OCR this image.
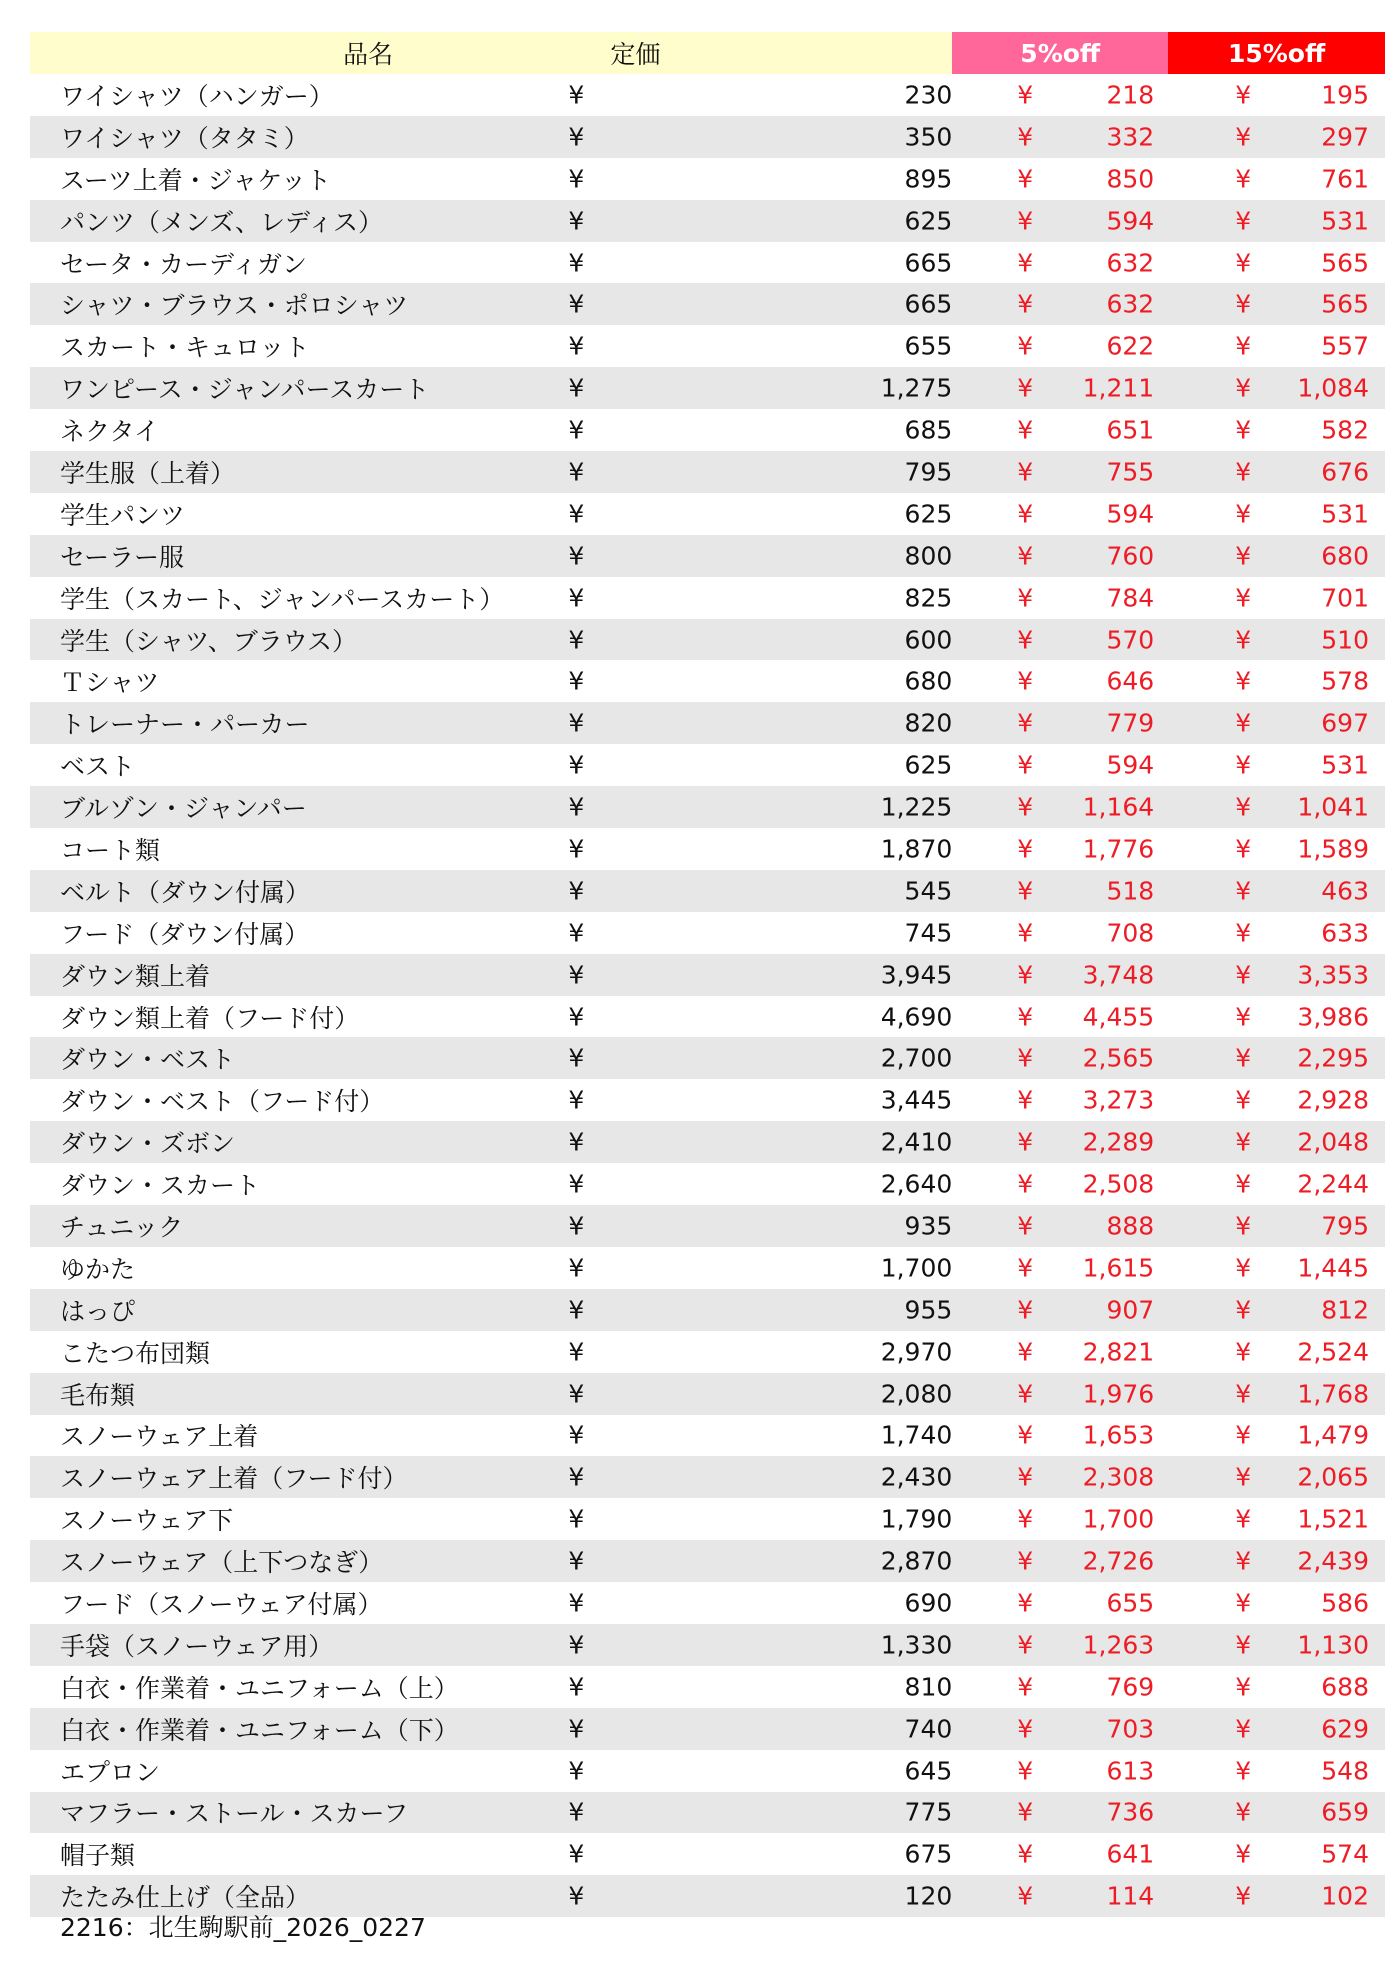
品名	定価	5%off	15%off
ワイシャツ（ハンガー）	¥	230	¥	218	¥	195
ワイシャツ（タタミ）	¥	350	¥	332	¥	297
スーツ上着・ジャケット	¥	895	¥	850	¥	761
パンツ（メンズ、レディス）	¥	625	¥	594	¥	531
セータ・カーディガン	¥	665	¥	632	¥	565
シャツ・ブラウス・ポロシャツ	¥	665	¥	632	¥	565
スカート・キュロット	¥	655	¥	622	¥	557
ワンピース・ジャンパースカート	¥	1,275	¥	1,211	¥	1,084
ネクタイ	¥	685	¥	651	¥	582
学生服（上着）	¥	795	¥	755	¥	676
学生パンツ	¥	625	¥	594	¥	531
セーラー服	¥	800	¥	760	¥	680
学生（スカート、ジャンパースカート）	¥	825	¥	784	¥	701
学生（シャツ、ブラウス）	¥	600	¥	570	¥	510
Ｔシャツ	¥	680	¥	646	¥	578
トレーナー・パーカー	¥	820	¥	779	¥	697
ベスト	¥	625	¥	594	¥	531
ブルゾン・ジャンパー	¥	1,225	¥	1,164	¥	1,041
コート類	¥	1,870	¥	1,776	¥	1,589
ベルト（ダウン付属）	¥	545	¥	518	¥	463
フード（ダウン付属）	¥	745	¥	708	¥	633
ダウン類上着	¥	3,945	¥	3,748	¥	3,353
ダウン類上着（フード付）	¥	4,690	¥	4,455	¥	3,986
ダウン・ベスト	¥	2,700	¥	2,565	¥	2,295
ダウン・ベスト（フード付）	¥	3,445	¥	3,273	¥	2,928
ダウン・ズボン	¥	2,410	¥	2,289	¥	2,048
ダウン・スカート	¥	2,640	¥	2,508	¥	2,244
チュニック	¥	935	¥	888	¥	795
ゆかた	¥	1,700	¥	1,615	¥	1,445
はっぴ	¥	955	¥	907	¥	812
こたつ布団類	¥	2,970	¥	2,821	¥	2,524
毛布類	¥	2,080	¥	1,976	¥	1,768
スノーウェア上着	¥	1,740	¥	1,653	¥	1,479
スノーウェア上着（フード付）	¥	2,430	¥	2,308	¥	2,065
スノーウェア下	¥	1,790	¥	1,700	¥	1,521
スノーウェア（上下つなぎ）	¥	2,870	¥	2,726	¥	2,439
フード（スノーウェア付属）	¥	690	¥	655	¥	586
手袋（スノーウェア用）	¥	1,330	¥	1,263	¥	1,130
白衣・作業着・ユニフォーム（上）	¥	810	¥	769	¥	688
白衣・作業着・ユニフォーム（下）	¥	740	¥	703	¥	629
エプロン	¥	645	¥	613	¥	548
マフラー・ストール・スカーフ	¥	775	¥	736	¥	659
帽子類	¥	675	¥	641	¥	574
たたみ仕上げ（全品）	¥	120	¥	114	¥	102
2216：北生駒駅前_2026_0227
